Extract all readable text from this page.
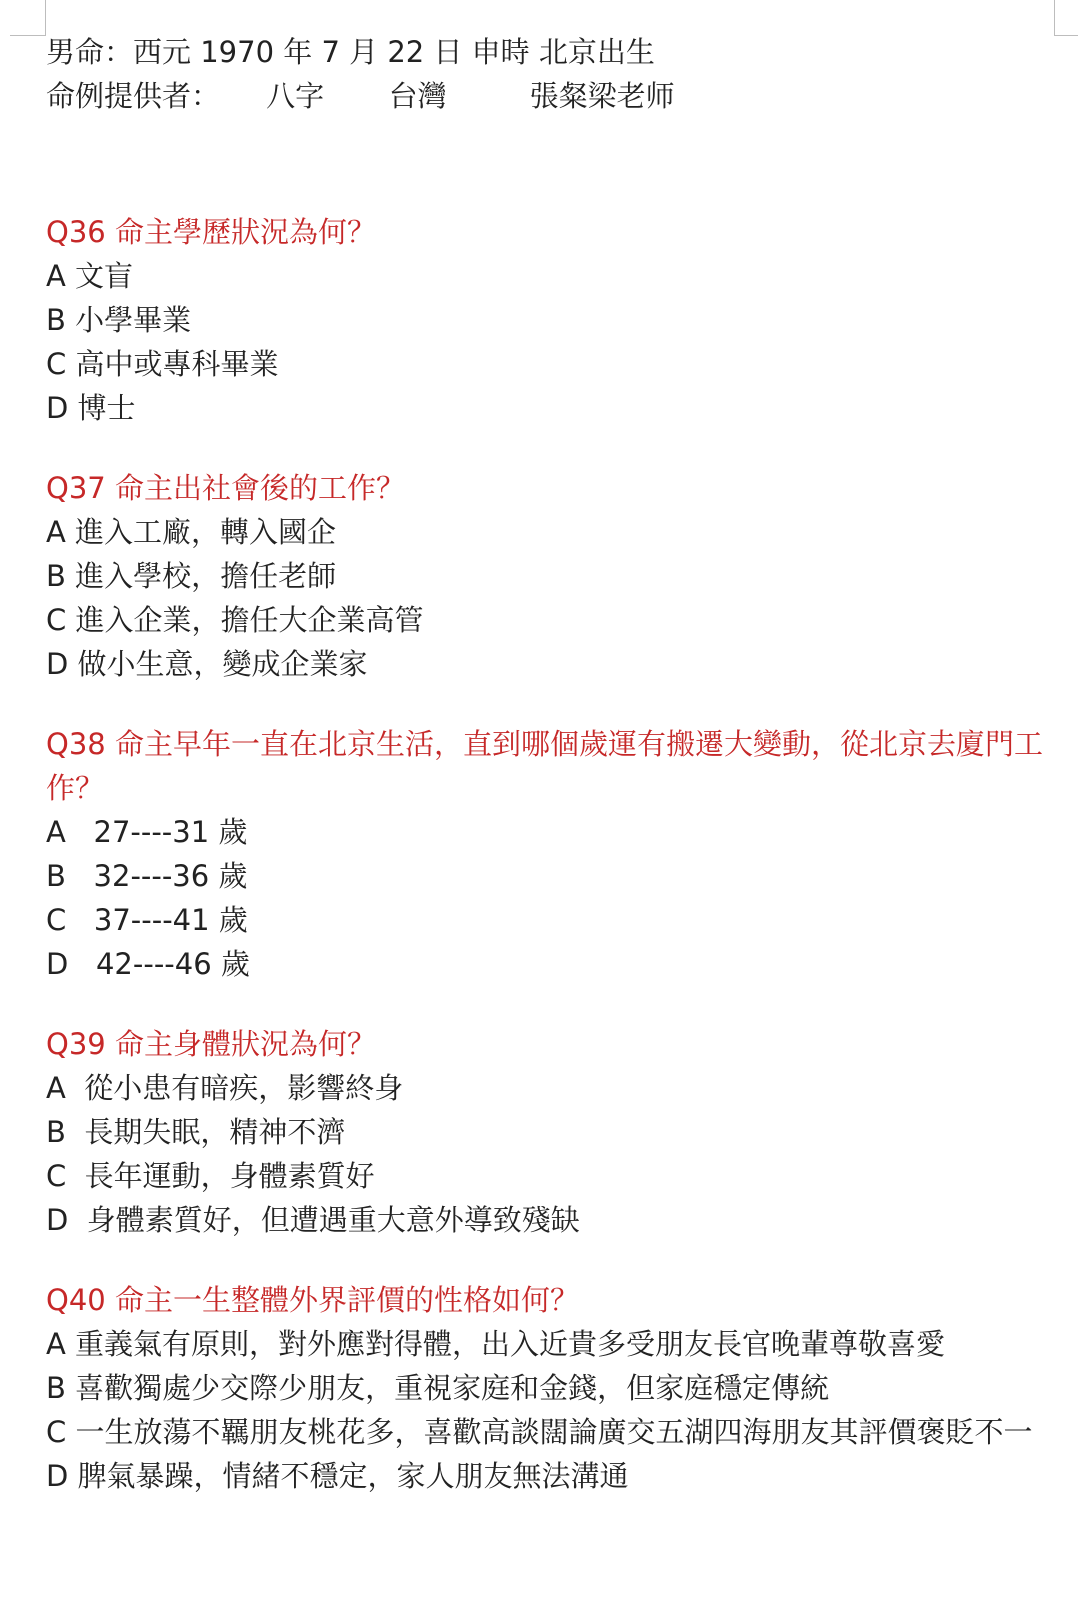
男命：西元 1970 年 7 月 22 日 申時 北京出生
命例提供者：     八字       台灣         張粲梁老师
Q36 命主學歷狀況為何？
A 文盲
B 小學畢業
C 高中或專科畢業
D 博士
Q37 命主出社會後的工作？
A 進入工廠，轉入國企
B 進入學校，擔任老師
C 進入企業，擔任大企業高管
D 做小生意，變成企業家
Q38 命主早年一直在北京生活，直到哪個歲運有搬遷大變動，從北京去廈門工作？
A   27----31 歲
B   32----36 歲
C   37----41 歲
D   42----46 歲
Q39 命主身體狀況為何？
A  從小患有暗疾，影響終身
B  長期失眠，精神不濟
C  長年運動，身體素質好
D  身體素質好，但遭遇重大意外導致殘缺
Q40 命主一生整體外界評價的性格如何？
A 重義氣有原則，對外應對得體，出入近貴多受朋友長官晚輩尊敬喜愛
B 喜歡獨處少交際少朋友，重視家庭和金錢，但家庭穩定傳統
C 一生放蕩不羈朋友桃花多，喜歡高談闊論廣交五湖四海朋友其評價褒貶不一
D 脾氣暴躁，情緒不穩定，家人朋友無法溝通
